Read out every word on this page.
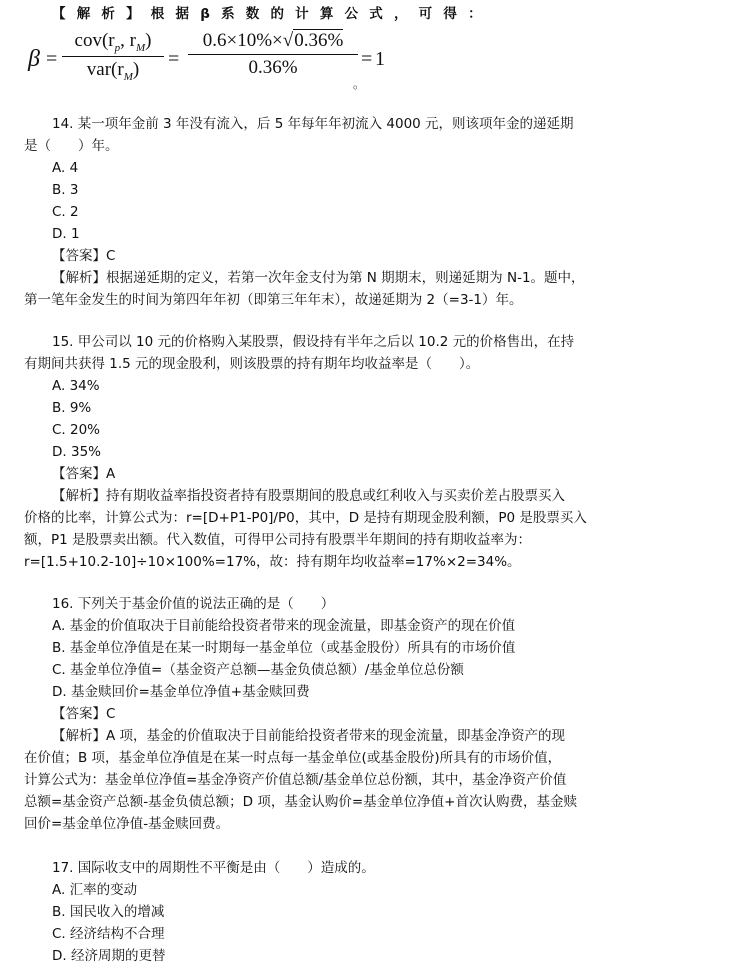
【解析】根据β系数的计算公式，可得：
β =
$cov(r_p$, $r_M$)
$var(r_M)$	=
0.6×10%×√0.36%
0.36%	= 1
。
14. 某一项年金前 3 年没有流入，后 5 年每年年初流入 4000 元，则该项年金的递延期
是（　　）年。
A. 4
B. 3
C. 2
D. 1
【答案】C
【解析】根据递延期的定义，若第一次年金支付为第 N 期期末，则递延期为 N-1。题中，
第一笔年金发生的时间为第四年年初（即第三年年末），故递延期为 2（=3-1）年。
15. 甲公司以 10 元的价格购入某股票，假设持有半年之后以 10.2 元的价格售出，在持
有期间共获得 1.5 元的现金股利，则该股票的持有期年均收益率是（　　）。
A. 34%
B. 9%
C. 20%
D. 35%
【答案】A
【解析】持有期收益率指投资者持有股票期间的股息或红利收入与买卖价差占股票买入
价格的比率，计算公式为：r=[D+P1-P0]/P0，其中，D 是持有期现金股利额，P0 是股票买入
额，P1 是股票卖出额。代入数值，可得甲公司持有股票半年期间的持有期收益率为：
r=[1.5+10.2-10]÷10×100%=17%，故：持有期年均收益率=17%×2=34%。
16. 下列关于基金价值的说法正确的是（　　）
A. 基金的价值取决于目前能给投资者带来的现金流量，即基金资产的现在价值
B. 基金单位净值是在某一时期每一基金单位（或基金股份）所具有的市场价值
C. 基金单位净值=（基金资产总额—基金负债总额）/基金单位总份额
D. 基金赎回价=基金单位净值+基金赎回费
【答案】C
【解析】A 项，基金的价值取决于目前能给投资者带来的现金流量，即基金净资产的现
在价值；B 项，基金单位净值是在某一时点每一基金单位(或基金股份)所具有的市场价值，
计算公式为：基金单位净值=基金净资产价值总额/基金单位总份额，其中，基金净资产价值
总额=基金资产总额-基金负债总额；D 项，基金认购价=基金单位净值+首次认购费，基金赎
回价=基金单位净值-基金赎回费。
17. 国际收支中的周期性不平衡是由（　　）造成的。
A. 汇率的变动
B. 国民收入的增减
C. 经济结构不合理
D. 经济周期的更替
